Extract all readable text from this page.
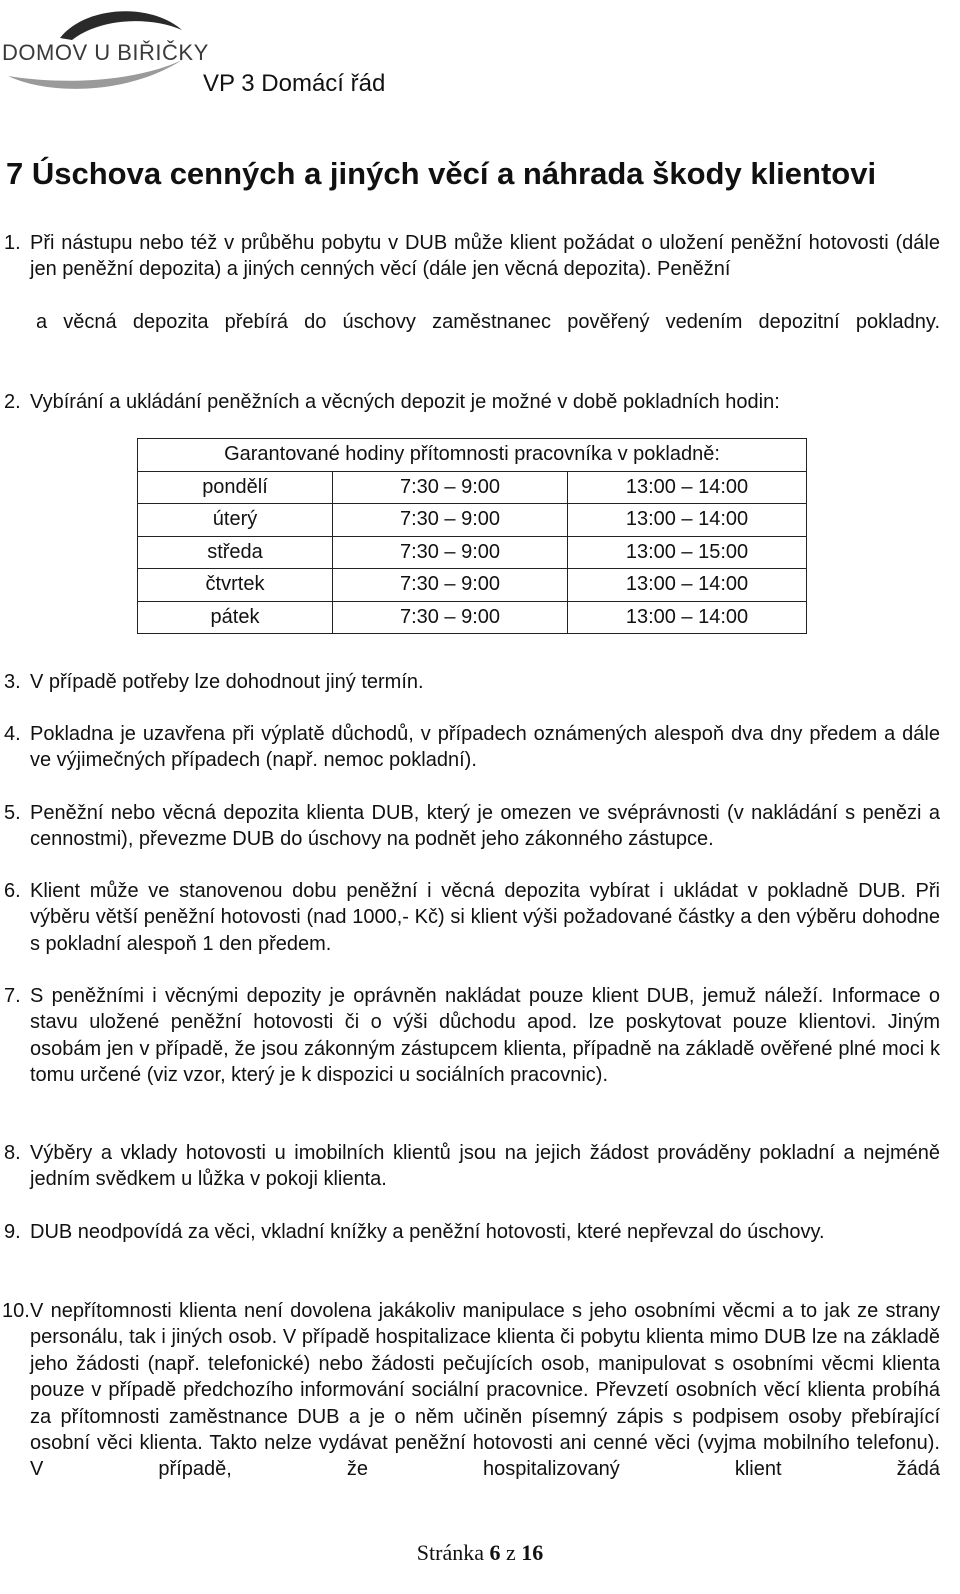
DOMOV U BIŘIČKY
VP 3 Domácí řád
7 Úschova cenných a jiných věcí a náhrada škody klientovi
1. Při nástupu nebo též v průběhu pobytu v DUB může klient požádat o uložení peněžní hotovosti (dále jen peněžní depozita) a jiných cenných věcí (dále jen věcná depozita). Peněžní
a věcná depozita přebírá do úschovy zaměstnanec pověřený vedením depozitní pokladny.
2. Vybírání a ukládání peněžních a věcných depozit je možné v době pokladních hodin:
Garantované hodiny přítomnosti pracovníka v pokladně:		
pondělí	7:30 – 9:00	13:00 – 14:00
úterý	7:30 – 9:00	13:00 – 14:00
středa	7:30 – 9:00	13:00 – 15:00
čtvrtek	7:30 – 9:00	13:00 – 14:00
pátek	7:30 – 9:00	13:00 – 14:00
3. V případě potřeby lze dohodnout jiný termín.
4. Pokladna je uzavřena při výplatě důchodů, v případech oznámených alespoň dva dny předem a dále ve výjimečných případech (např. nemoc pokladní).
5. Peněžní nebo věcná depozita klienta DUB, který je omezen ve svéprávnosti (v nakládání s penězi a cennostmi), převezme DUB do úschovy na podnět jeho zákonného zástupce.
6. Klient může ve stanovenou dobu peněžní i věcná depozita vybírat i ukládat v pokladně DUB. Při výběru větší peněžní hotovosti (nad 1000,- Kč) si klient výši požadované částky a den výběru dohodne s pokladní alespoň 1 den předem.
7. S peněžními i věcnými depozity je oprávněn nakládat pouze klient DUB, jemuž náleží. Informace o stavu uložené peněžní hotovosti či o výši důchodu apod. lze poskytovat pouze klientovi. Jiným osobám jen v případě, že jsou zákonným zástupcem klienta, případně na základě ověřené plné moci k tomu určené (viz vzor, který je k dispozici u sociálních pracovnic).
8. Výběry a vklady hotovosti u imobilních klientů jsou na jejich žádost prováděny pokladní a nejméně jedním svědkem u lůžka v pokoji klienta.
9. DUB neodpovídá za věci, vkladní knížky a peněžní hotovosti, které nepřevzal do úschovy.
10. V nepřítomnosti klienta není dovolena jakákoliv manipulace s jeho osobními věcmi a to jak ze strany personálu, tak i jiných osob. V případě hospitalizace klienta či pobytu klienta mimo DUB lze na základě jeho žádosti (např. telefonické) nebo žádosti pečujících osob, manipulovat s osobními věcmi klienta pouze v případě předchozího informování sociální pracovnice. Převzetí osobních věcí klienta probíhá za přítomnosti zaměstnance DUB a je o něm učiněn písemný zápis s podpisem osoby přebírající osobní věci klienta. Takto nelze vydávat peněžní hotovosti ani cenné věci (vyjma mobilního telefonu). V případě, že hospitalizovaný klient žádá
Stránka 6 z 16
